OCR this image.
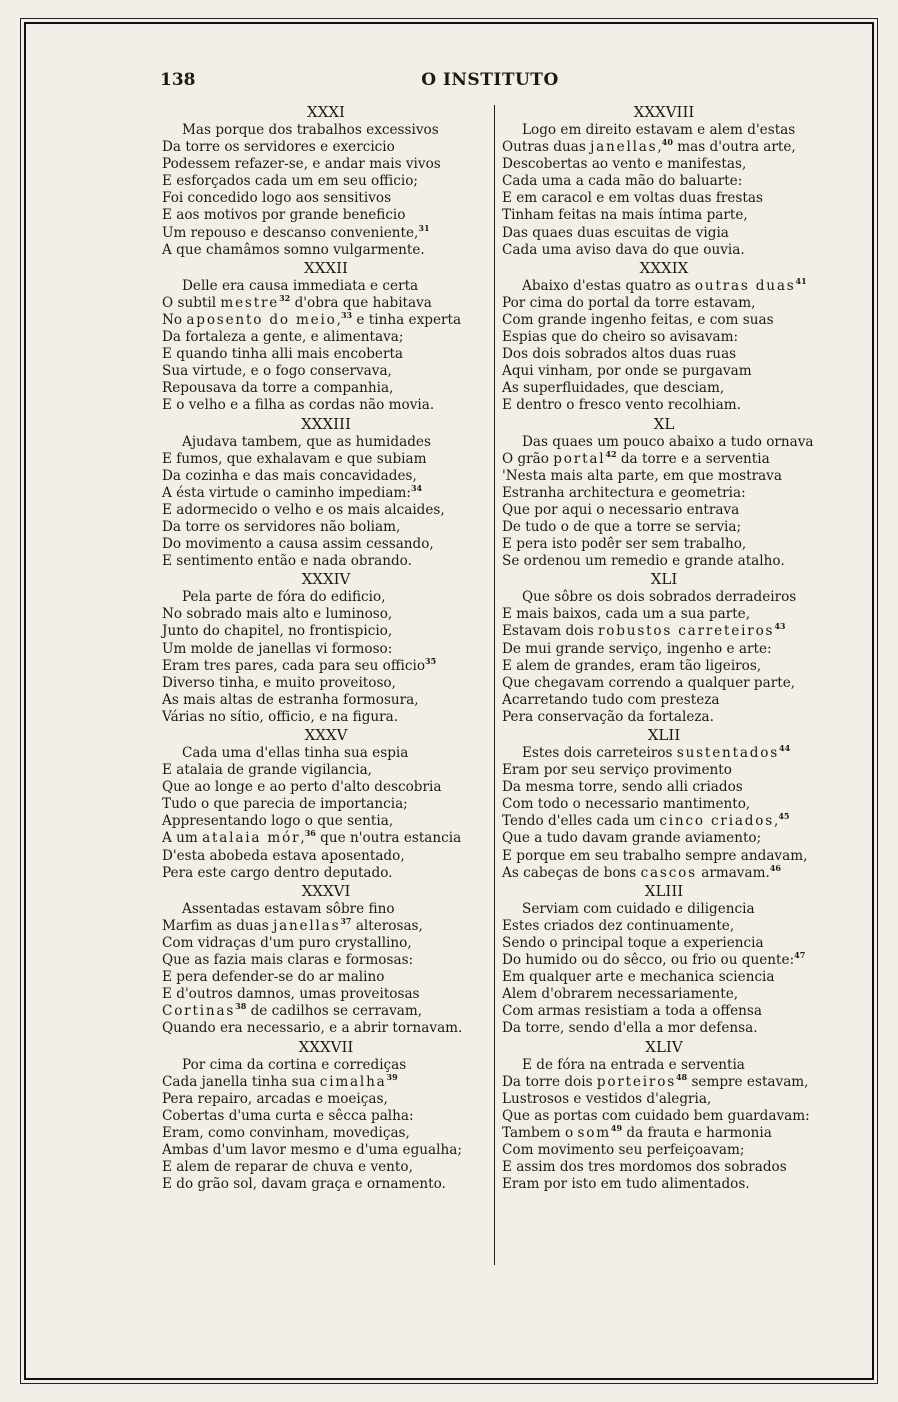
O INSTITUTO
138
XXXI
Mas porque dos trabalhos excessivos
Da torre os servidores e exercicio
Podessem refazer-se, e andar mais vivos
E esforçados cada um em seu officio;
Foi concedido logo aos sensitivos
E aos motivos por grande beneficio
Um repouso e descanso conveniente,$^{31}$
A que chamâmos somno vulgarmente.
XXXII
Delle era causa immediata e certa
O subtil mestre$^{32}$ d'obra que habitava
No aposento do meio,$^{33}$ e tinha experta
Da fortaleza a gente, e alimentava;
E quando tinha alli mais encoberta
Sua virtude, e o fogo conservava,
Repousava da torre a companhia,
E o velho e a filha as cordas não movia.
XXXIII
Ajudava tambem, que as humidades
E fumos, que exhalavam e que subiam
Da cozinha e das mais concavidades,
A ésta virtude o caminho impediam:$^{34}$
E adormecido o velho e os mais alcaides,
Da torre os servidores não boliam,
Do movimento a causa assim cessando,
E sentimento então e nada obrando.
XXXIV
Pela parte de fóra do edificio,
No sobrado mais alto e luminoso,
Junto do chapitel, no frontispicio,
Um molde de janellas vi formoso:
Eram tres pares, cada para seu officio$^{35}$
Diverso tinha, e muito proveitoso,
As mais altas de estranha formosura,
Várias no sítio, officio, e na figura.
XXXV
Cada uma d'ellas tinha sua espia
E atalaia de grande vigilancia,
Que ao longe e ao perto d'alto descobria
Tudo o que parecia de importancia;
Appresentando logo o que sentia,
A um atalaia mór,$^{36}$ que n'outra estancia
D'esta abobeda estava aposentado,
Pera este cargo dentro deputado.
XXXVI
Assentadas estavam sôbre fino
Marfim as duas janellas$^{37}$ alterosas,
Com vidraças d'um puro crystallino,
Que as fazia mais claras e formosas:
E pera defender-se do ar malino
E d'outros damnos, umas proveitosas
Cortinas$^{38}$ de cadilhos se cerravam,
Quando era necessario, e a abrir tornavam.
XXXVII
Por cima da cortina e corrediças
Cada janella tinha sua cimalha$^{39}$
Pera repairo, arcadas e moeiças,
Cobertas d'uma curta e sêcca palha:
Eram, como convinham, movediças,
Ambas d'um lavor mesmo e d'uma egualha;
E alem de reparar de chuva e vento,
E do grão sol, davam graça e ornamento.
XXXVIII
Logo em direito estavam e alem d'estas
Outras duas janellas,$^{40}$ mas d'outra arte,
Descobertas ao vento e manifestas,
Cada uma a cada mão do baluarte:
E em caracol e em voltas duas frestas
Tinham feitas na mais íntima parte,
Das quaes duas escuitas de vigia
Cada uma aviso dava do que ouvia.
XXXIX
Abaixo d'estas quatro as outras duas$^{41}$
Por cima do portal da torre estavam,
Com grande ingenho feitas, e com suas
Espias que do cheiro so avisavam:
Dos dois sobrados altos duas ruas
Aqui vinham, por onde se purgavam
As superfluidades, que desciam,
E dentro o fresco vento recolhiam.
XL
Das quaes um pouco abaixo a tudo ornava
O grão portal$^{42}$ da torre e a serventia
'Nesta mais alta parte, em que mostrava
Estranha architectura e geometria:
Que por aqui o necessario entrava
De tudo o de que a torre se servia;
E pera isto podêr ser sem trabalho,
Se ordenou um remedio e grande atalho.
XLI
Que sôbre os dois sobrados derradeiros
E mais baixos, cada um a sua parte,
Estavam dois robustos carreteiros$^{43}$
De mui grande serviço, ingenho e arte:
E alem de grandes, eram tão ligeiros,
Que chegavam correndo a qualquer parte,
Acarretando tudo com presteza
Pera conservação da fortaleza.
XLII
Estes dois carreteiros sustentados$^{44}$
Eram por seu serviço provimento
Da mesma torre, sendo alli criados
Com todo o necessario mantimento,
Tendo d'elles cada um cinco criados,$^{45}$
Que a tudo davam grande aviamento;
E porque em seu trabalho sempre andavam,
As cabeças de bons cascos armavam.$^{46}$
XLIII
Serviam com cuidado e diligencia
Estes criados dez continuamente,
Sendo o principal toque a experiencia
Do humido ou do sêcco, ou frio ou quente:$^{47}$
Em qualquer arte e mechanica sciencia
Alem d'obrarem necessariamente,
Com armas resistiam a toda a offensa
Da torre, sendo d'ella a mor defensa.
XLIV
E de fóra na entrada e serventia
Da torre dois porteiros$^{48}$ sempre estavam,
Lustrosos e vestidos d'alegria,
Que as portas com cuidado bem guardavam:
Tambem o som$^{49}$ da frauta e harmonia
Com movimento seu perfeiçoavam;
E assim dos tres mordomos dos sobrados
Eram por isto em tudo alimentados.
